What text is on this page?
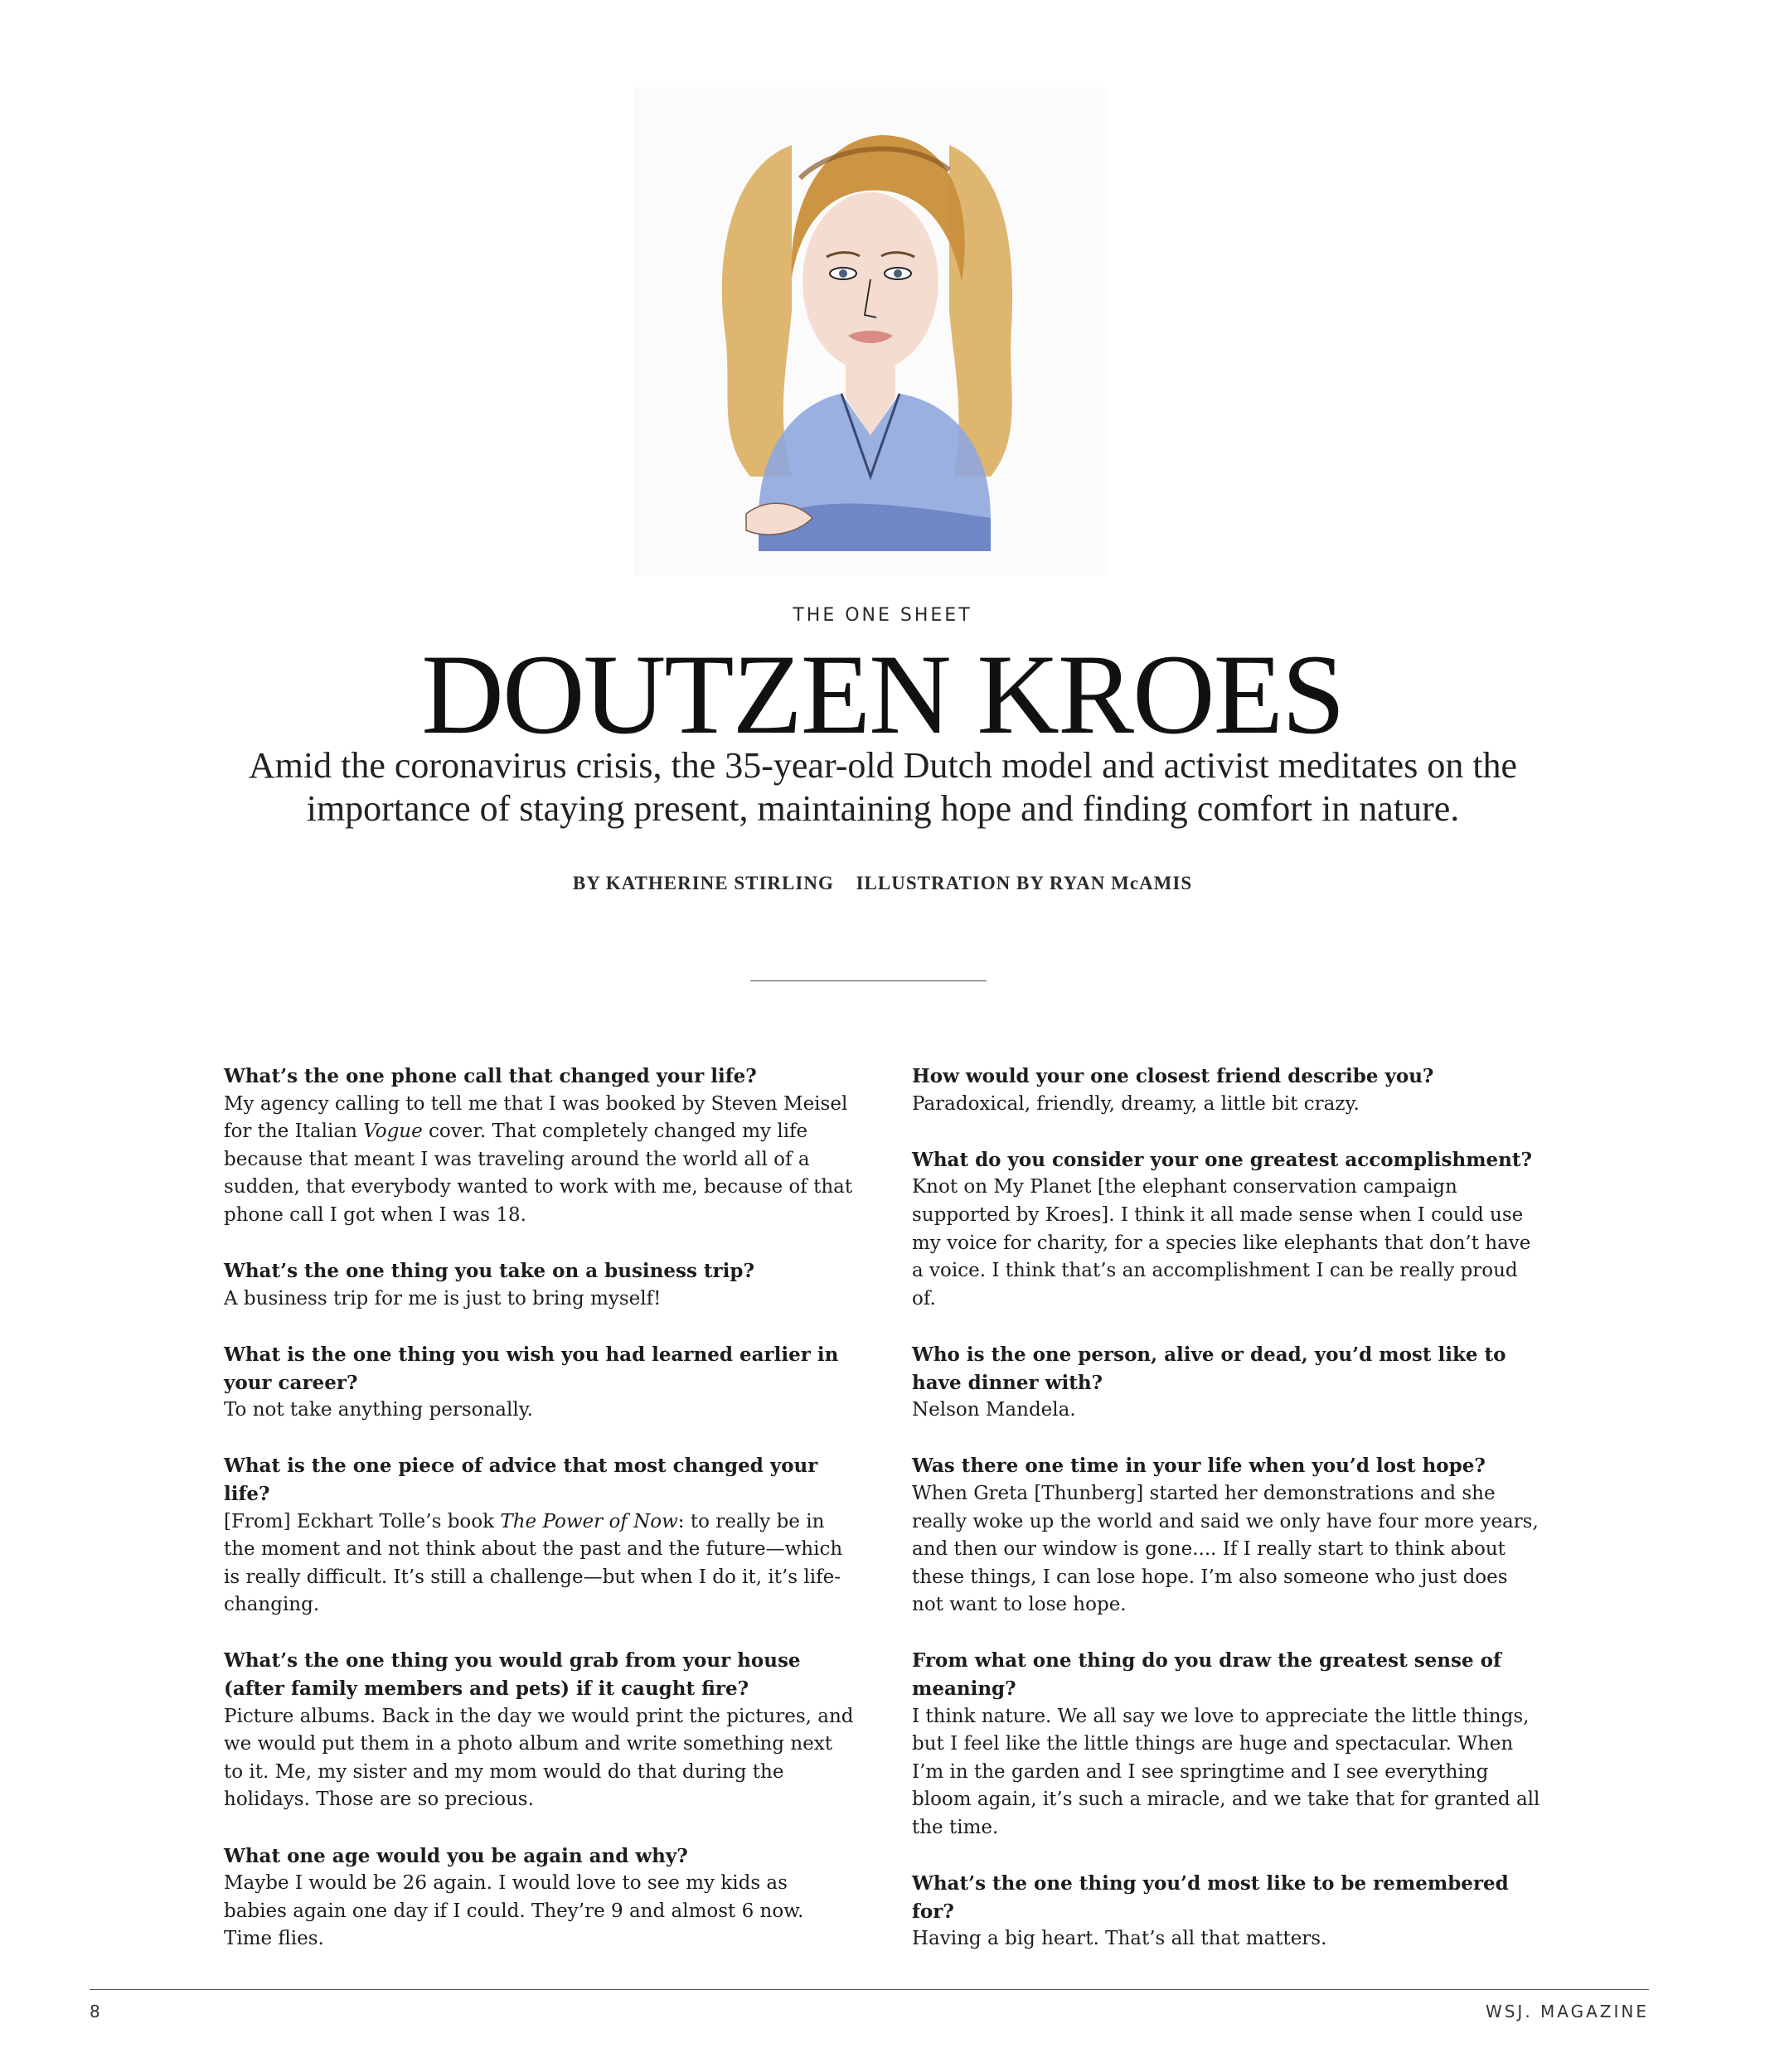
THE ONE SHEET
DOUTZEN KROES

Amid the coronavirus crisis, the 35-year-old Dutch model and activist meditates on the importance of staying present, maintaining hope and finding comfort in nature.

BY KATHERINE STIRLING ILLUSTRATION BY RYAN McAMIS

What’s the one phone call that changed your life?

My agency calling to tell me that I was booked by Steven Meisel for the Italian Vogue cover. That completely changed my life because that meant I was traveling around the world all of a sudden, that everybody wanted to work with me, because of that phone call I got when I was 18.

What’s the one thing you take on a business trip?

A business trip for me is just to bring myself!

What is the one thing you wish you had learned earlier in your career?

To not take anything personally.

What is the one piece of advice that most changed your life?

[From] Eckhart Tolle’s book The Power of Now: to really be in the moment and not think about the past and the future—which is really difficult. It’s still a challenge—but when I do it, it’s life-changing.

What’s the one thing you would grab from your house (after family members and pets) if it caught fire?

Picture albums. Back in the day we would print the pictures, and we would put them in a photo album and write something next to it. Me, my sister and my mom would do that during the holidays. Those are so precious.

What one age would you be again and why?

Maybe I would be 26 again. I would love to see my kids as babies again one day if I could. They’re 9 and almost 6 now. Time flies.

How would your one closest friend describe you?

Paradoxical, friendly, dreamy, a little bit crazy.

What do you consider your one greatest accomplishment?

Knot on My Planet [the elephant conservation campaign supported by Kroes]. I think it all made sense when I could use my voice for charity, for a species like elephants that don’t have a voice. I think that’s an accomplishment I can be really proud of.

Who is the one person, alive or dead, you’d most like to have dinner with?

Nelson Mandela.

Was there one time in your life when you’d lost hope?

When Greta [Thunberg] started her demonstrations and she really woke up the world and said we only have four more years, and then our window is gone.... If I really start to think about these things, I can lose hope. I’m also someone who just does not want to lose hope.

From what one thing do you draw the greatest sense of meaning?

I think nature. We all say we love to appreciate the little things, but I feel like the little things are huge and spectacular. When I’m in the garden and I see springtime and I see everything bloom again, it’s such a miracle, and we take that for granted all the time.

What’s the one thing you’d most like to be remembered for?

Having a big heart. That’s all that matters.

8	WSJ. MAGAZINE
